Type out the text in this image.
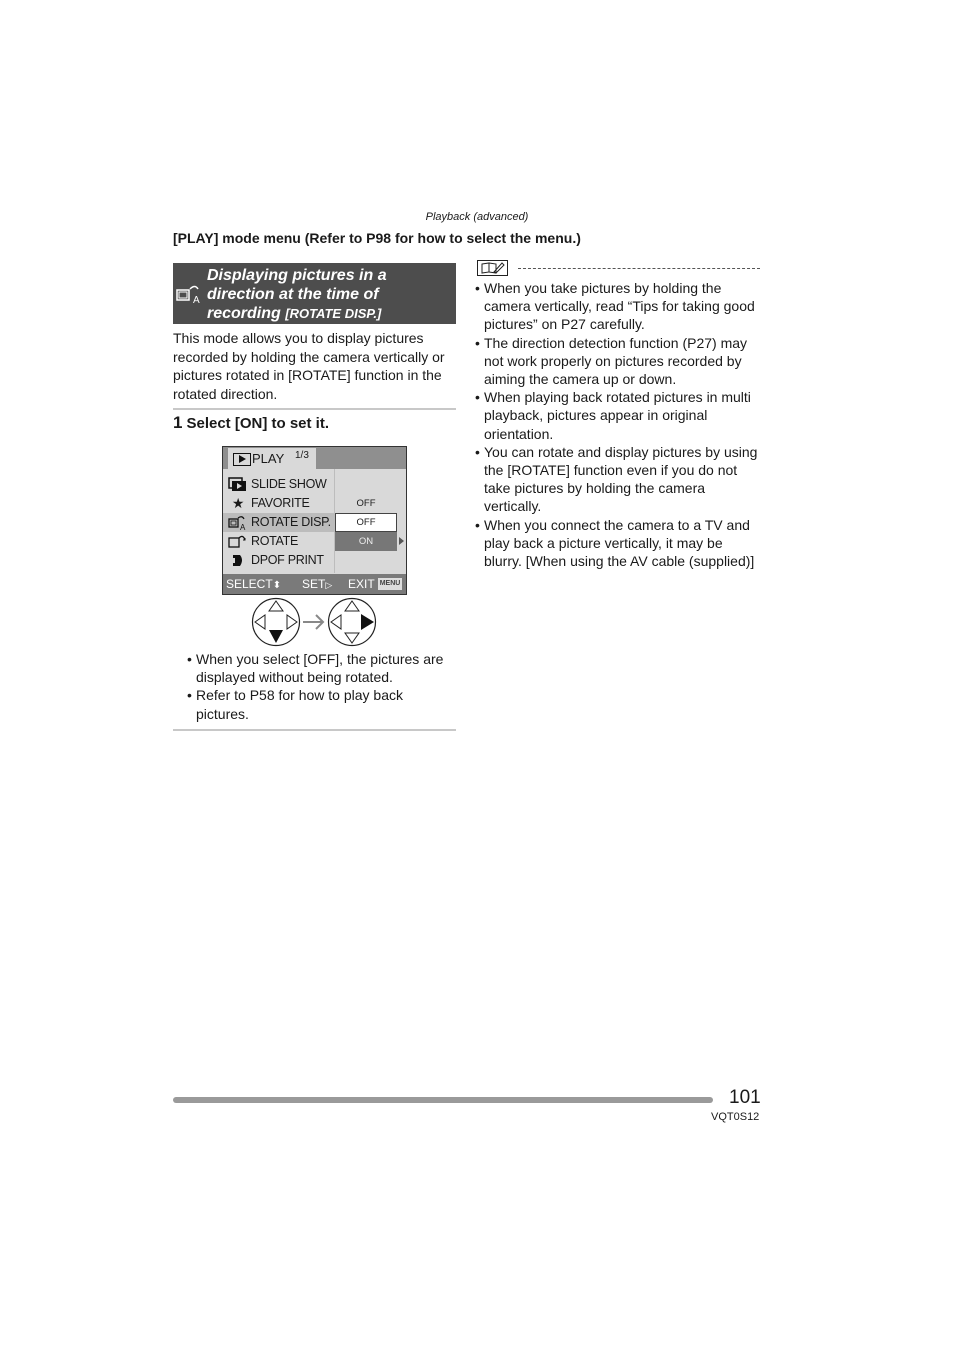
Playback (advanced)
[PLAY] mode menu (Refer to P98 for how to select the menu.)
A
Displaying pictures in a direction at the time of recording [ROTATE DISP.]
This mode allows you to display pictures recorded by holding the camera vertically or pictures rotated in [ROTATE] function in the rotated direction.
1 Select [ON] to set it.
PLAY 1/3
SLIDE SHOW
★ FAVORITE	OFF
A ROTATE DISP.	OFF
ROTATE	ON
DPOF PRINT
SELECT⬍ SET▷ EXIT MENU
• When you select [OFF], the pictures are displayed without being rotated.
• Refer to P58 for how to play back pictures.
• When you take pictures by holding the camera vertically, read “Tips for taking good pictures” on P27 carefully.
• The direction detection function (P27) may not work properly on pictures recorded by aiming the camera up or down.
• When playing back rotated pictures in multi playback, pictures appear in original orientation.
• You can rotate and display pictures by using the [ROTATE] function even if you do not take pictures by holding the camera vertically.
• When you connect the camera to a TV and play back a picture vertically, it may be blurry. [When using the AV cable (supplied)]
101
VQT0S12
